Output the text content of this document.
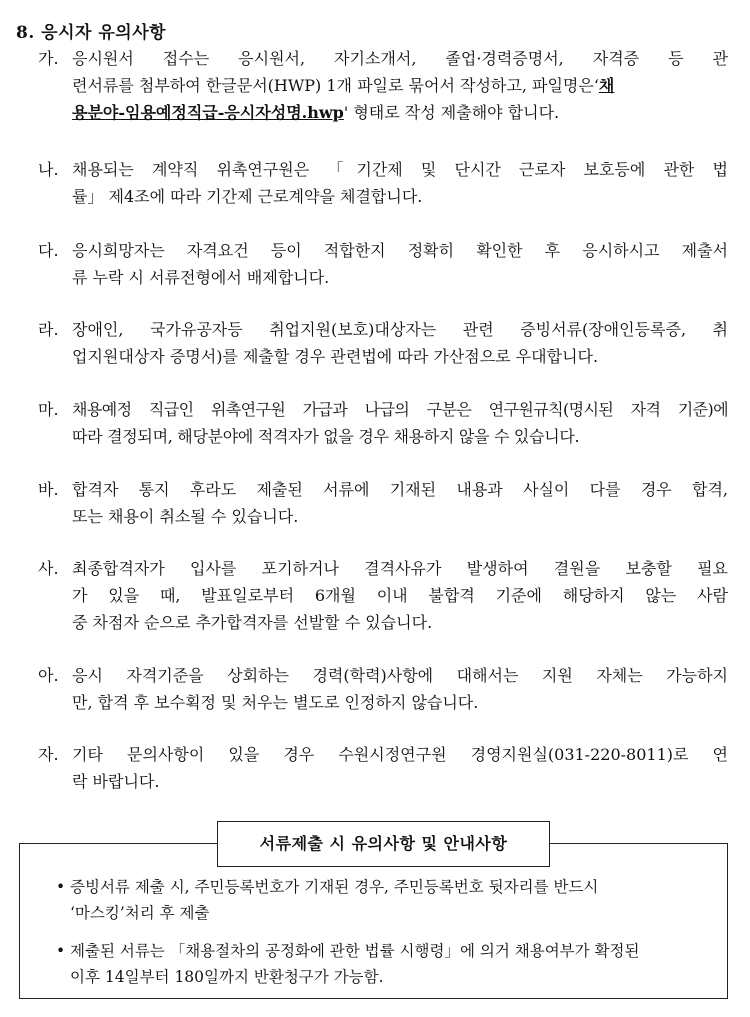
8. 응시자 유의사항
가. 응시원서 접수는 응시원서, 자기소개서, 졸업·경력증명서, 자격증 등 관
련서류를 첨부하여 한글문서(HWP) 1개 파일로 묶어서 작성하고, 파일명은‘채
용분야-임용예정직급-응시자성명.hwp' 형태로 작성 제출해야 합니다.
나. 채용되는 계약직 위촉연구원은 「기간제 및 단시간 근로자 보호등에 관한 법
률」 제4조에 따라 기간제 근로계약을 체결합니다.
다. 응시희망자는 자격요건 등이 적합한지 정확히 확인한 후 응시하시고 제출서
류 누락 시 서류전형에서 배제합니다.
라. 장애인, 국가유공자등 취업지원(보호)대상자는 관련 증빙서류(장애인등록증, 취
업지원대상자 증명서)를 제출할 경우 관련법에 따라 가산점으로 우대합니다.
마. 채용예정 직급인 위촉연구원 가급과 나급의 구분은 연구원규칙(명시된 자격 기준)에
따라 결정되며, 해당분야에 적격자가 없을 경우 채용하지 않을 수 있습니다.
바. 합격자 통지 후라도 제출된 서류에 기재된 내용과 사실이 다를 경우 합격,
또는 채용이 취소될 수 있습니다.
사. 최종합격자가 입사를 포기하거나 결격사유가 발생하여 결원을 보충할 필요
가 있을 때, 발표일로부터 6개월 이내 불합격 기준에 해당하지 않는 사람
중 차점자 순으로 추가합격자를 선발할 수 있습니다.
아. 응시 자격기준을 상회하는 경력(학력)사항에 대해서는 지원 자체는 가능하지
만, 합격 후 보수획정 및 처우는 별도로 인정하지 않습니다.
자. 기타 문의사항이 있을 경우 수원시정연구원 경영지원실(031-220-8011)로 연
락 바랍니다.
• 증빙서류 제출 시, 주민등록번호가 기재된 경우, 주민등록번호 뒷자리를 반드시
‘마스킹’처리 후 제출
• 제출된 서류는 「채용절차의 공정화에 관한 법률 시행령」에 의거 채용여부가 확정된
이후 14일부터 180일까지 반환청구가 가능함.
서류제출 시 유의사항 및 안내사항
